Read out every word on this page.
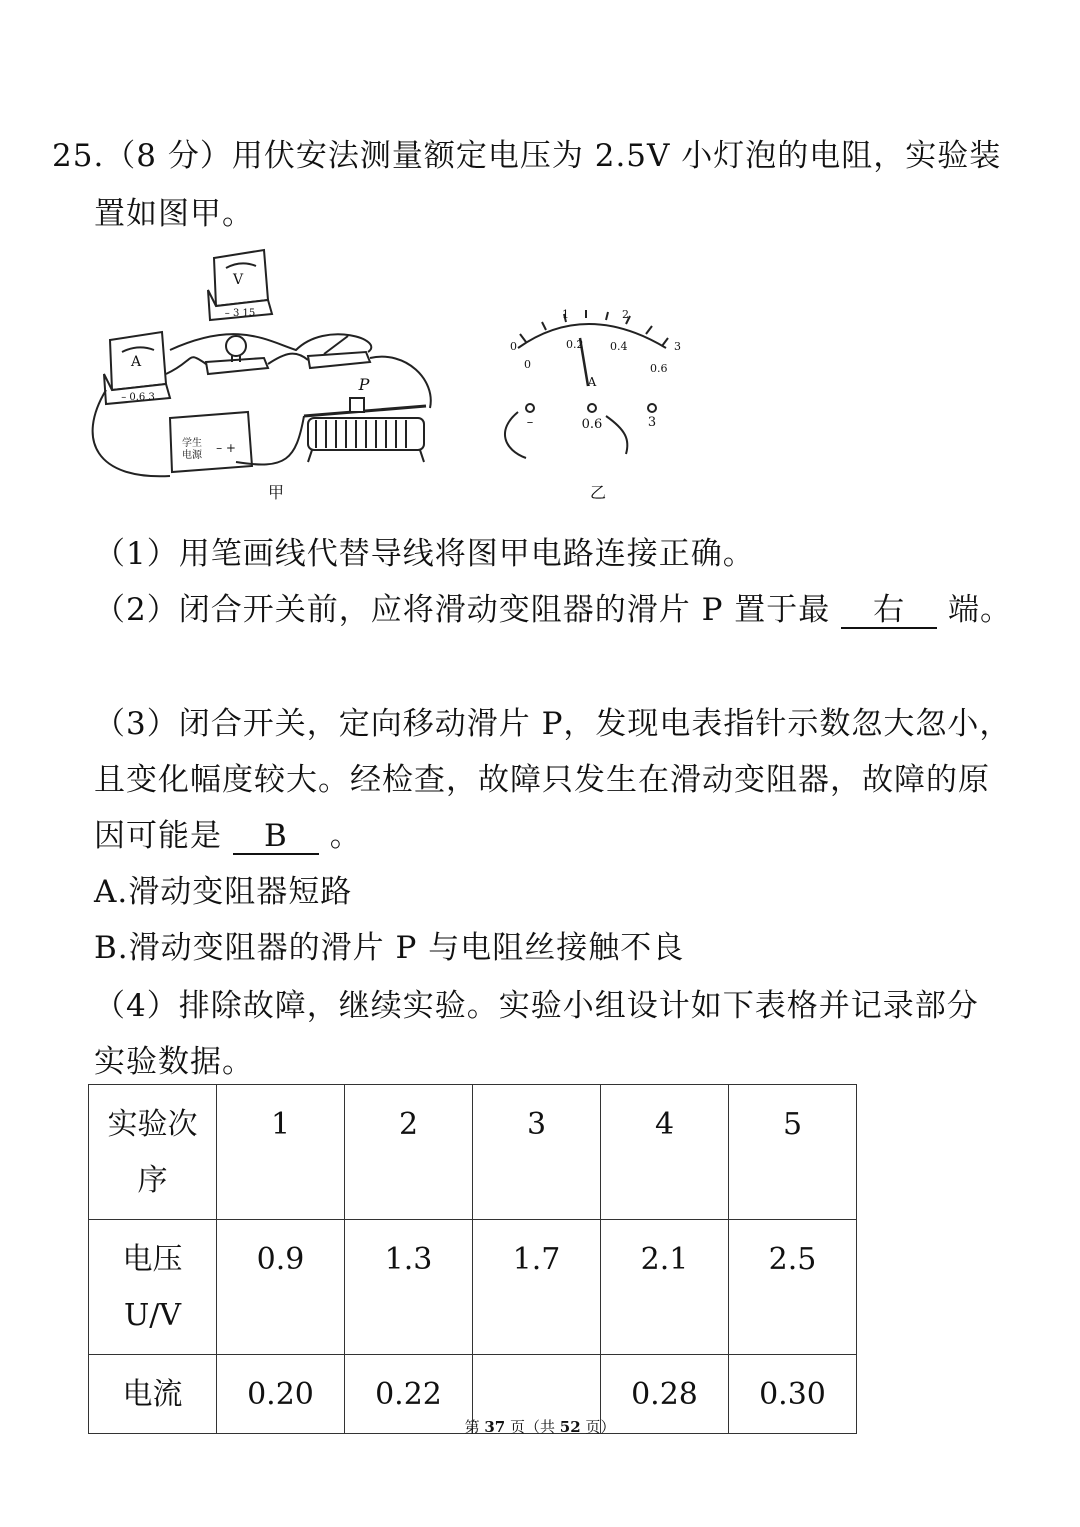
25.（8 分）用伏安法测量额定电压为 2.5V 小灯泡的电阻，实验装
置如图甲。
V
– 3 15
A
– 0.6 3
学生
电源
– +
P
0
1	2
3
0
0.2 0.4
0.6
A
–	0.6	3
甲	乙
（1）用笔画线代替导线将图甲电路连接正确。
（2）闭合开关前，应将滑动变阻器的滑片 P 置于最 右 端。
（3）闭合开关，定向移动滑片 P，发现电表指针示数忽大忽小，
且变化幅度较大。经检查，故障只发生在滑动变阻器，故障的原
因可能是 B 。
A.滑动变阻器短路
B.滑动变阻器的滑片 P 与电阻丝接触不良
（4）排除故障，继续实验。实验小组设计如下表格并记录部分
实验数据。
实验次
序	1	2	3	4	5
电压
U/V	0.9	1.3	1.7	2.1	2.5
电流	0.20	0.22		0.28	0.30
第 37 页（共 52 页）
